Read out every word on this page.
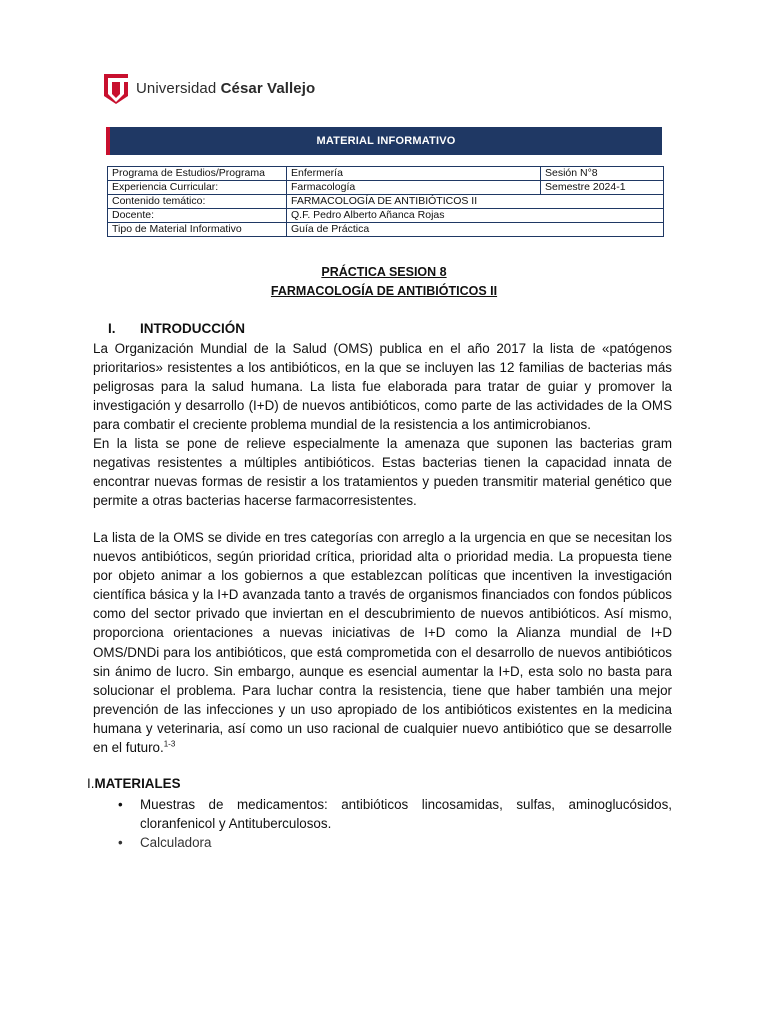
Universidad César Vallejo
MATERIAL INFORMATIVO
Programa de Estudios/Programa	Enfermería	Sesión N°8
Experiencia Curricular:	Farmacología	Semestre 2024-1
Contenido temático:	FARMACOLOGÍA DE ANTIBIÓTICOS II	
Docente:	Q.F. Pedro Alberto Añanca Rojas	
Tipo de Material Informativo	Guía de Práctica	
PRÁCTICA SESION 8
FARMACOLOGÍA DE ANTIBIÓTICOS II
I. INTRODUCCIÓN
La Organización Mundial de la Salud (OMS) publica en el año 2017 la lista de «patógenos prioritarios» resistentes a los antibióticos, en la que se incluyen las 12 familias de bacterias más peligrosas para la salud humana. La lista fue elaborada para tratar de guiar y promover la investigación y desarrollo (I+D) de nuevos antibióticos, como parte de las actividades de la OMS para combatir el creciente problema mundial de la resistencia a los antimicrobianos.
En la lista se pone de relieve especialmente la amenaza que suponen las bacterias gram negativas resistentes a múltiples antibióticos. Estas bacterias tienen la capacidad innata de encontrar nuevas formas de resistir a los tratamientos y pueden transmitir material genético que permite a otras bacterias hacerse farmacorresistentes.
La lista de la OMS se divide en tres categorías con arreglo a la urgencia en que se necesitan los nuevos antibióticos, según prioridad crítica, prioridad alta o prioridad media. La propuesta tiene por objeto animar a los gobiernos a que establezcan políticas que incentiven la investigación científica básica y la I+D avanzada tanto a través de organismos financiados con fondos públicos como del sector privado que inviertan en el descubrimiento de nuevos antibióticos. Así mismo, proporciona orientaciones a nuevas iniciativas de I+D como la Alianza mundial de I+D OMS/DNDi para los antibióticos, que está comprometida con el desarrollo de nuevos antibióticos sin ánimo de lucro. Sin embargo, aunque es esencial aumentar la I+D, esta solo no basta para solucionar el problema. Para luchar contra la resistencia, tiene que haber también una mejor prevención de las infecciones y un uso apropiado de los antibióticos existentes en la medicina humana y veterinaria, así como un uso racional de cualquier nuevo antibiótico que se desarrolle en el futuro.$^{1-3}$
I.MATERIALES
• Muestras de medicamentos: antibióticos lincosamidas, sulfas, aminoglucósidos, cloranfenicol y Antituberculosos.
• Calculadora
